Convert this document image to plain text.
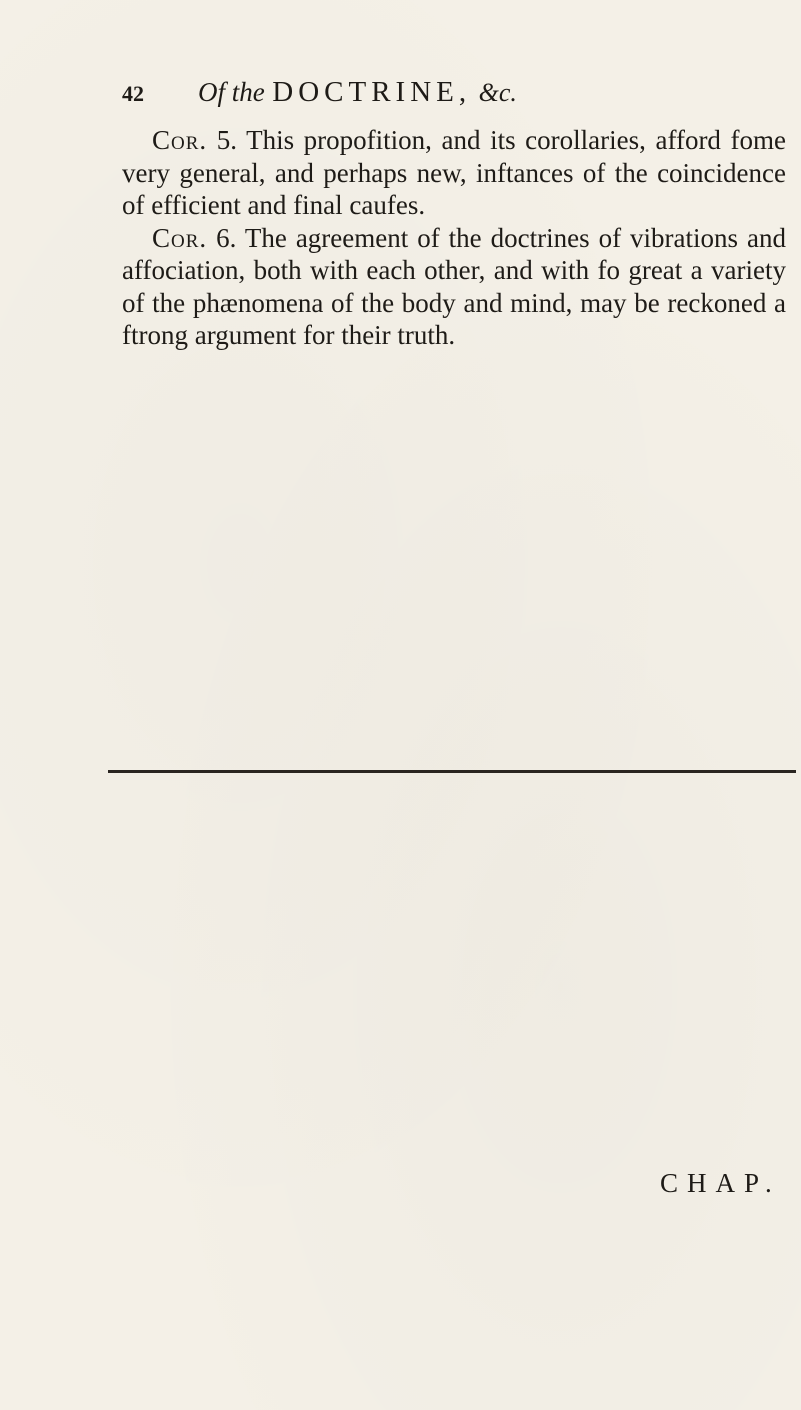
42 Of the DOCTRINE, &c.

Cor. 5. This propofition, and its corollaries, afford fome very general, and perhaps new, inftances of the coincidence of efficient and final caufes.

Cor. 6. The agreement of the doctrines of vibrations and affociation, both with each other, and with fo great a variety of the phænomena of the body and mind, may be reckoned a ftrong argument for their truth.

CHAP.
